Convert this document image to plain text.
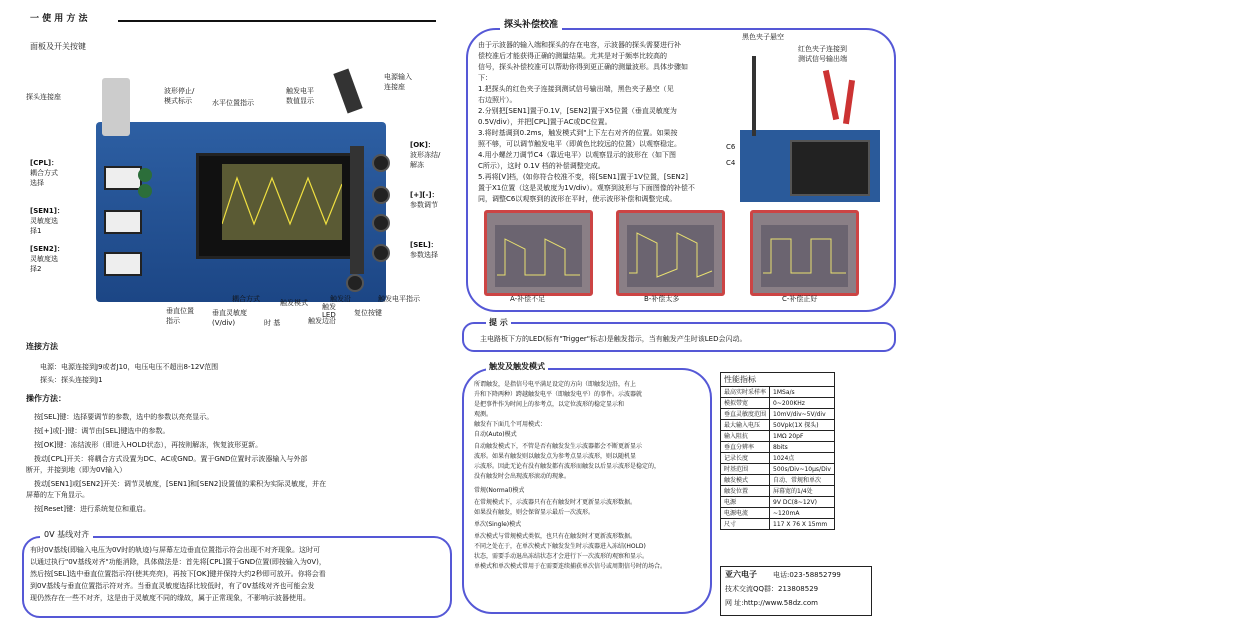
一 使 用 方 法
面板及开关按键
探头连接座
[CPL]：
耦合方式
选择
[SEN1]：
灵敏度选
择1
[SEN2]：
灵敏度选
择2
波形停止/
模式标示	水平位置指示
触发电平
数值显示
电源输入
连接座
[OK]：
波形冻结/
解冻
[+][-]：
参数调节
[SEL]：
参数选择
垂直位置
指示
耦合方式
垂直灵敏度
(V/div)	时 基
触发模式	触发沿
触发边沿
触发
LED
触发电平指示
复位按键
连接方法
电源：电源连接到J9或者J10，电压电压不超出8-12V范围
探头：探头连接到J1
操作方法：
按[SEL]键：选择要调节的参数，选中的参数以亮亮显示。
按[+]或[-]键：调节由[SEL]键选中的参数。
按[OK]键：冻结波形（即进入HOLD状态），再按则解冻，恢复波形更新。
拨动[CPL]开关：将耦合方式设置为DC、AC或GND。置于GND位置时示波器输入与外部
断开，并接到地（即为0V输入）
拨动[SEN1]或[SEN2]开关：调节灵敏度，[SEN1]和[SEN2]设置值的乘积为实际灵敏度，并在
屏幕的左下角显示。
按[Reset]键：进行系统复位和重启。
0V 基线对齐
有时0V基线(即输入电压为0V时的轨迹)与屏幕左边垂直位置指示符会出现不对齐现象。这时可
以通过执行"0V基线对齐"功能消除，具体做法是：首先将[CPL]置于GND位置(即按输入为0V)，
然后按[SEL]选中垂直位置指示符(使其亮亮)，再按下[OK]键并保持大约2秒即可放开。你将会看
到0V基线与垂直位置指示符对齐。当垂直灵敏度选择比较低时，有了0V基线对齐也可能会发
现仍然存在一些不对齐，这是由于灵敏度不同的缘故，属于正常现象，不影响示波器使用。
探头补偿校准
由于示波器的输入端和探头的存在电容，示波器的探头需要进行补
偿校准后才能获得正确的测量结果。尤其是对于频率比较高的
信号，探头补偿校准可以帮助你得到更正确的测量波形。具体步骤如
下：
1.把探头的红色夹子连接到测试信号输出端，黑色夹子悬空（见
右边照片）。
2.分别把[SEN1]置于0.1V，[SEN2]置于X5位置（垂直灵敏度为
0.5V/div），并把[CPL]置于AC或DC位置。
3.将时基调到0.2ms，触发模式到"上下左右对齐的位置。如果按
照不够，可以调节触发电平（即黄色比较远的位置）以观察稳定。
4.用小螺丝刀调节C4（靠近电平）以观察显示的波形在（如下图
C所示），这时 0.1V 档的补偿调整完成。
5.再将[V]档，(如你符合校准不变，将[SEN1]置于1V位置，[SEN2]
置于X1位置（这是灵敏度为1V/div）。观察到波形与下面图像的补偿不
同，调整C6以观察到的波形在平时，使示波形补偿和调整完成。
黑色夹子悬空
红色夹子连接到
测试信号输出端
C6
C4
A-补偿不足	B-补偿太多	C-补偿正好
提 示
主电路板下方的LED(标有"Trigger"标志)是触发指示，当有触发产生时该LED会闪动。
触发及触发模式
所谓触发，是指信号电平满足设定的方向（即触发边沿，有上
升和下降两种）跨越触发电平（即触发电平）的事件。示波器就
是把事件作为时间上的参考点，以定位波形的稳定显示和
观测。
触发有下面几个可用模式：
自动(Auto)模式
自动触发模式下，不管是否有触发发生示波器都会不断更新显示
波形。如果有触发则以触发点为参考点显示波形，则以随机显
示波形。因此无论有没有触发都有波形而触发以后显示波形是稳定的，
没有触发时会出现波形滚动的现象。
常规(Normal)模式
在常规模式下，示波器只有在有触发时才更新显示波形数据。
如果没有触发，则会保留显示最后一次波形。
单次(Single)模式
单次模式与常规模式类似，也只有在触发时才更新波形数据。
不同之处在于，在单次模式下触发发生时示波器进入冻结(HOLD)
状态，需要手动退出冻结状态才会进行下一次波形的观察和显示。
单模式和单次模式常用于在需要连续捕获单次信号或周期信号时的场合。
性能指标	
最高实时采样率	1MSa/s
模拟带宽	0~200KHz
垂直灵敏度范围	10mV/div~5V/div
最大输入电压	50Vpk(1X 探头)
输入阻抗	1MΩ 20pF
垂直分辨率	8bits
记录长度	1024点
时基范围	500s/Div~10μs/Div
触发模式	自动、常规和单次
触发位置	屏幕宽的1/4处
电源	9V DC(8~12V)
电源电流	~120mA
尺寸	117 X 76 X 15mm
亚六电子 电话:023-58852799
技术交流QQ群：213808529
网 址:http://www.58dz.com
